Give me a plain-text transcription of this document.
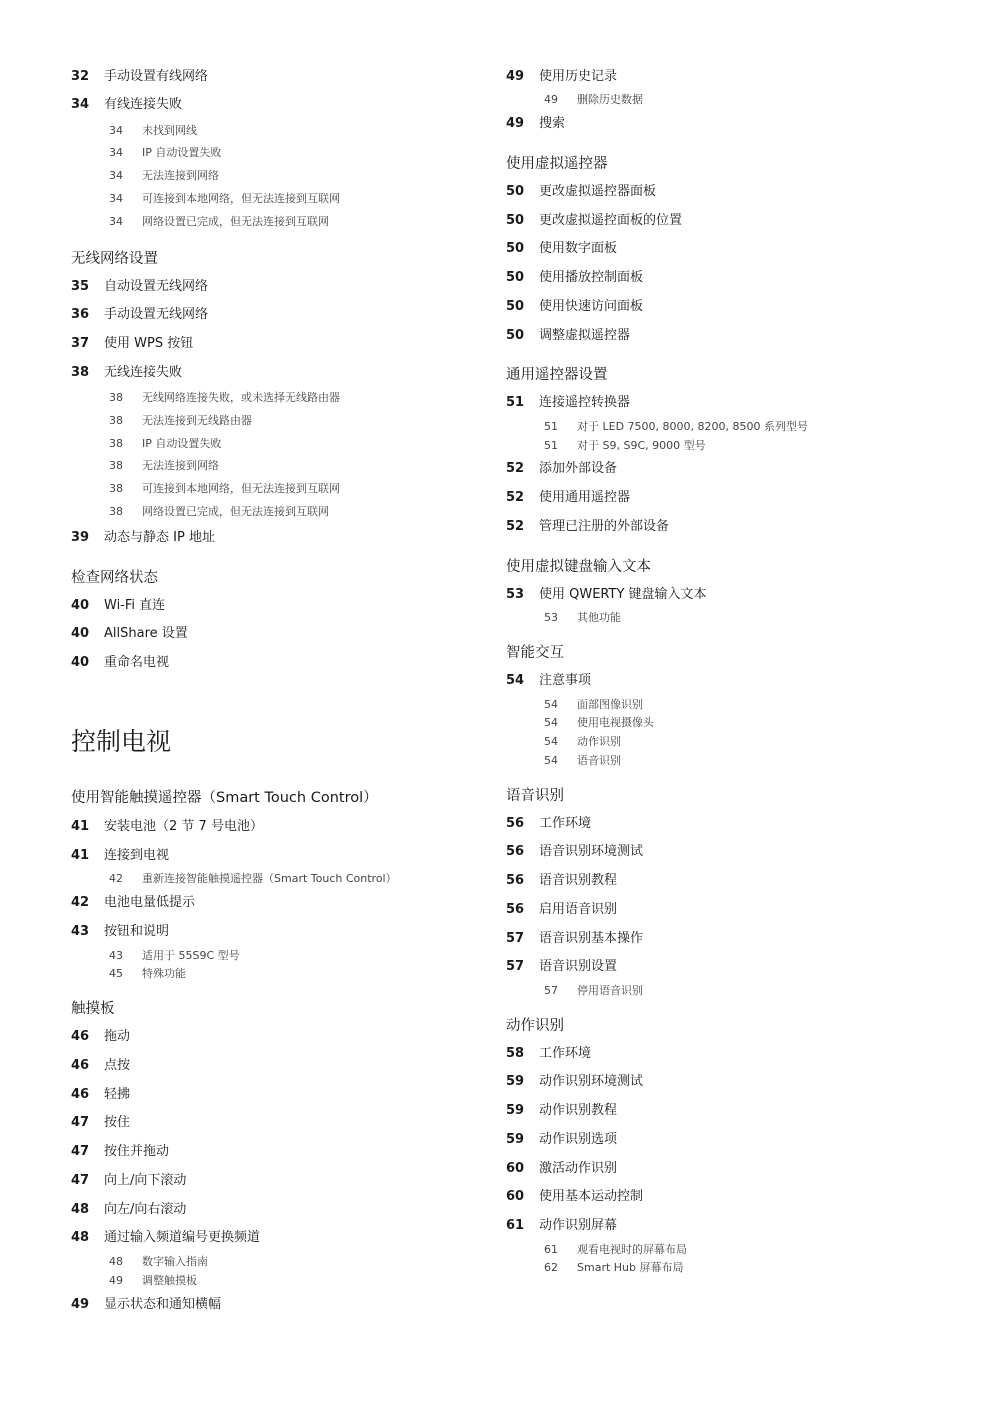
32 手动设置有线网络
34 有线连接失败
34 未找到网线
34 IP 自动设置失败
34 无法连接到网络
34 可连接到本地网络，但无法连接到互联网
34 网络设置已完成，但无法连接到互联网
无线网络设置
35 自动设置无线网络
36 手动设置无线网络
37 使用 WPS 按钮
38 无线连接失败
38 无线网络连接失败，或未选择无线路由器
38 无法连接到无线路由器
38 IP 自动设置失败
38 无法连接到网络
38 可连接到本地网络，但无法连接到互联网
38 网络设置已完成，但无法连接到互联网
39 动态与静态 IP 地址
检查网络状态
40 Wi-Fi 直连
40 AllShare 设置
40 重命名电视
控制电视
使用智能触摸遥控器（Smart Touch Control）
41 安装电池（2 节 7 号电池）
41 连接到电视
42 重新连接智能触摸遥控器（Smart Touch Control）
42 电池电量低提示
43 按钮和说明
43 适用于 55S9C 型号
45 特殊功能
触摸板
46 拖动
46 点按
46 轻拂
47 按住
47 按住并拖动
47 向上/向下滚动
48 向左/向右滚动
48 通过输入频道编号更换频道
48 数字输入指南
49 调整触摸板
49 显示状态和通知横幅
49 使用历史记录
49 删除历史数据
49 搜索
使用虚拟遥控器
50 更改虚拟遥控器面板
50 更改虚拟遥控面板的位置
50 使用数字面板
50 使用播放控制面板
50 使用快速访问面板
50 调整虚拟遥控器
通用遥控器设置
51 连接遥控转换器
51 对于 LED 7500, 8000, 8200, 8500 系列型号
51 对于 S9, S9C, 9000 型号
52 添加外部设备
52 使用通用遥控器
52 管理已注册的外部设备
使用虚拟键盘输入文本
53 使用 QWERTY 键盘输入文本
53 其他功能
智能交互
54 注意事项
54 面部图像识别
54 使用电视摄像头
54 动作识别
54 语音识别
语音识别
56 工作环境
56 语音识别环境测试
56 语音识别教程
56 启用语音识别
57 语音识别基本操作
57 语音识别设置
57 停用语音识别
动作识别
58 工作环境
59 动作识别环境测试
59 动作识别教程
59 动作识别选项
60 激活动作识别
60 使用基本运动控制
61 动作识别屏幕
61 观看电视时的屏幕布局
62 Smart Hub 屏幕布局
